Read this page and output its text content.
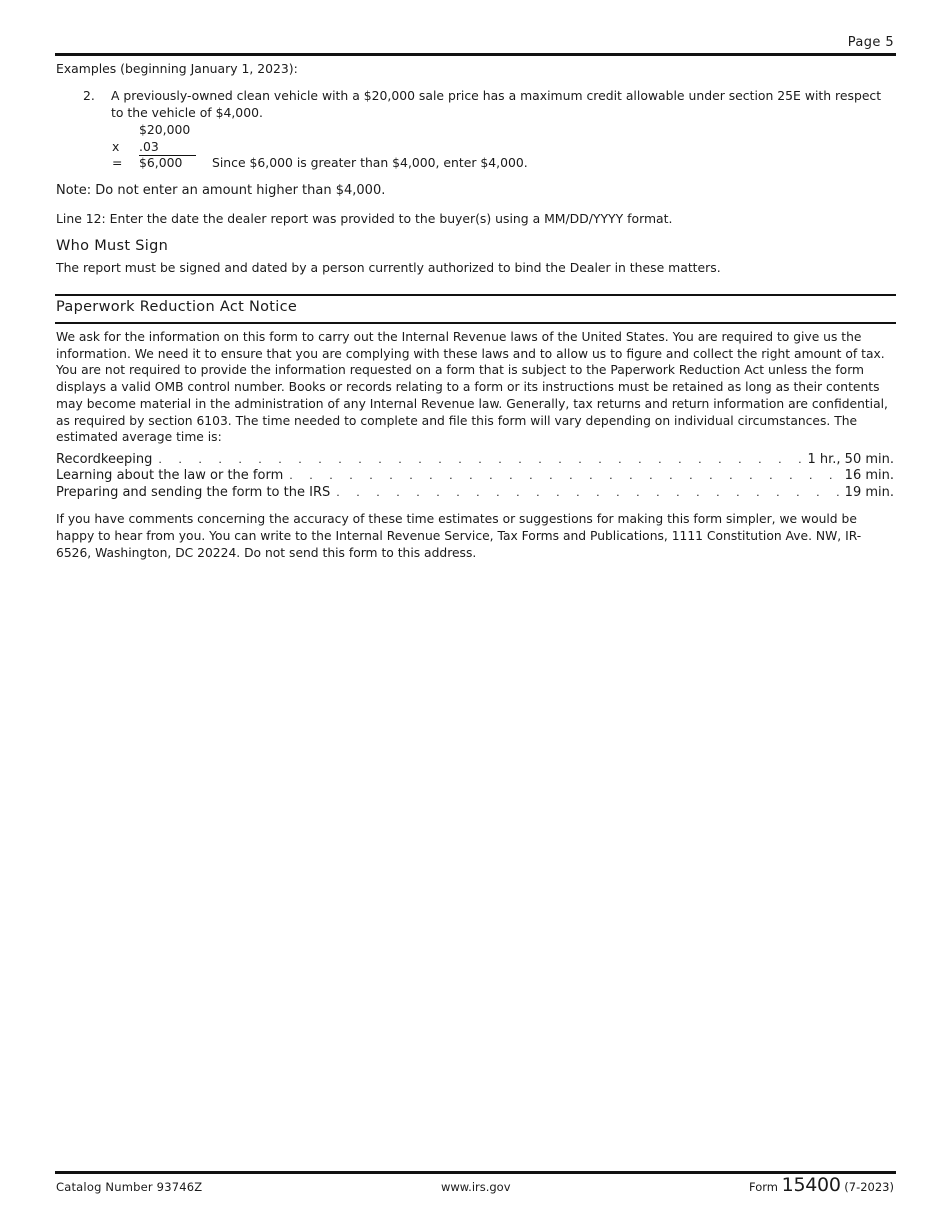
Page 5
Examples (beginning January 1, 2023):
2. A previously-owned clean vehicle with a $20,000 sale price has a maximum credit allowable under section 25E with respect to the vehicle of $4,000.
$20,000
x .03
= $6,000 Since $6,000 is greater than $4,000, enter $4,000.
Note: Do not enter an amount higher than $4,000.
Line 12: Enter the date the dealer report was provided to the buyer(s) using a MM/DD/YYYY format.
Who Must Sign
The report must be signed and dated by a person currently authorized to bind the Dealer in these matters.
Paperwork Reduction Act Notice
We ask for the information on this form to carry out the Internal Revenue laws of the United States. You are required to give us the information. We need it to ensure that you are complying with these laws and to allow us to figure and collect the right amount of tax. You are not required to provide the information requested on a form that is subject to the Paperwork Reduction Act unless the form displays a valid OMB control number. Books or records relating to a form or its instructions must be retained as long as their contents may become material in the administration of any Internal Revenue law. Generally, tax returns and return information are confidential, as required by section 6103. The time needed to complete and file this form will vary depending on individual circumstances. The estimated average time is:
Recordkeeping . . .	1 hr., 50 min.
Learning about the law or the form . . .	16 min.
Preparing and sending the form to the IRS . . .	19 min.
If you have comments concerning the accuracy of these time estimates or suggestions for making this form simpler, we would be happy to hear from you. You can write to the Internal Revenue Service, Tax Forms and Publications, 1111 Constitution Ave. NW, IR-6526, Washington, DC 20224. Do not send this form to this address.
Catalog Number 93746Z	www.irs.gov	Form 15400 (7-2023)
